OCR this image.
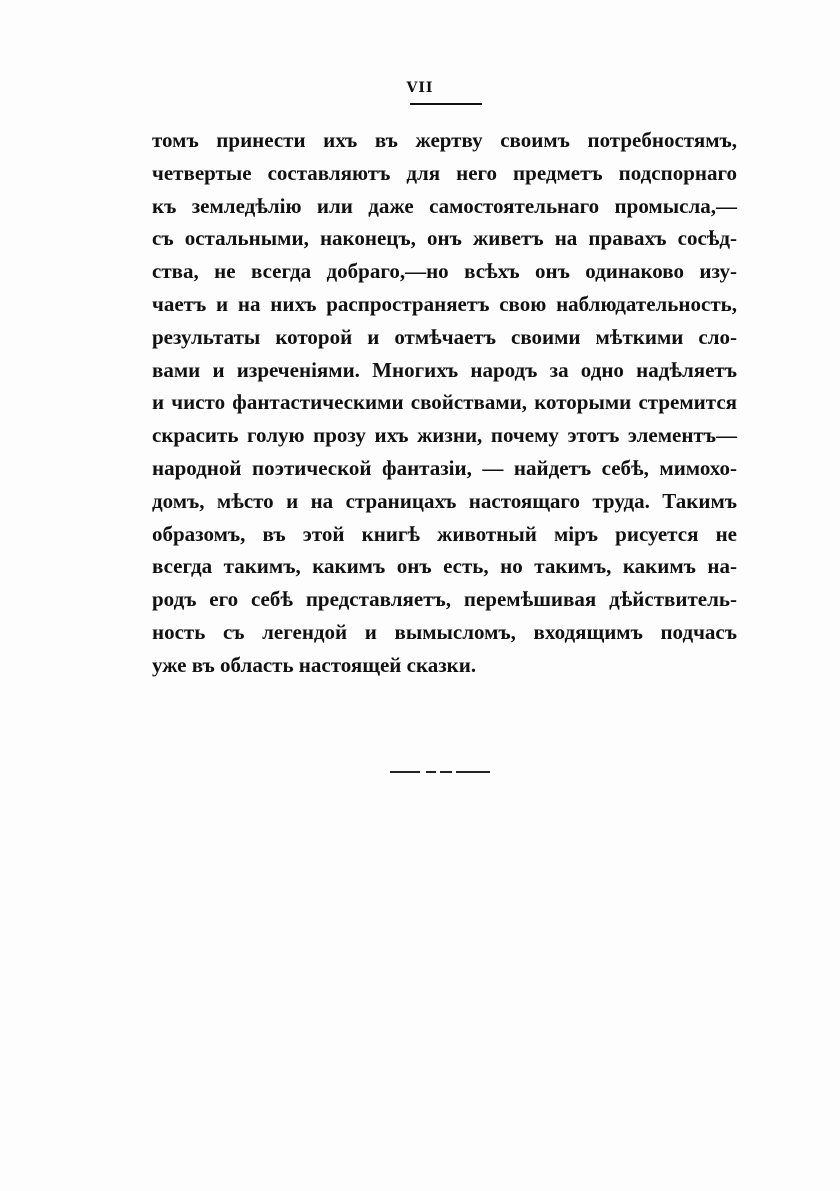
VII
томъ принести ихъ въ жертву своимъ потребностямъ,
четвертые составляютъ для него предметъ подспорнаго
къ земледѣлію или даже самостоятельнаго промысла,—
съ остальными, наконецъ, онъ живетъ на правахъ сосѣд-
ства, не всегда добраго,—но всѣхъ онъ одинаково изу-
чаетъ и на нихъ распространяетъ свою наблюдательность,
результаты которой и отмѣчаетъ своими мѣткими сло-
вами и изреченіями. Многихъ народъ за одно надѣляетъ
и чисто фантастическими свойствами, которыми стремится
скрасить голую прозу ихъ жизни, почему этотъ элементъ—
народной поэтической фантазіи, — найдетъ себѣ, мимохо-
домъ, мѣсто и на страницахъ настоящаго труда. Такимъ
образомъ, въ этой книгѣ животный міръ рисуется не
всегда такимъ, какимъ онъ есть, но такимъ, какимъ на-
родъ его себѣ представляетъ, перемѣшивая дѣйствитель-
ность съ легендой и вымысломъ, входящимъ подчасъ
уже въ область настоящей сказки.
